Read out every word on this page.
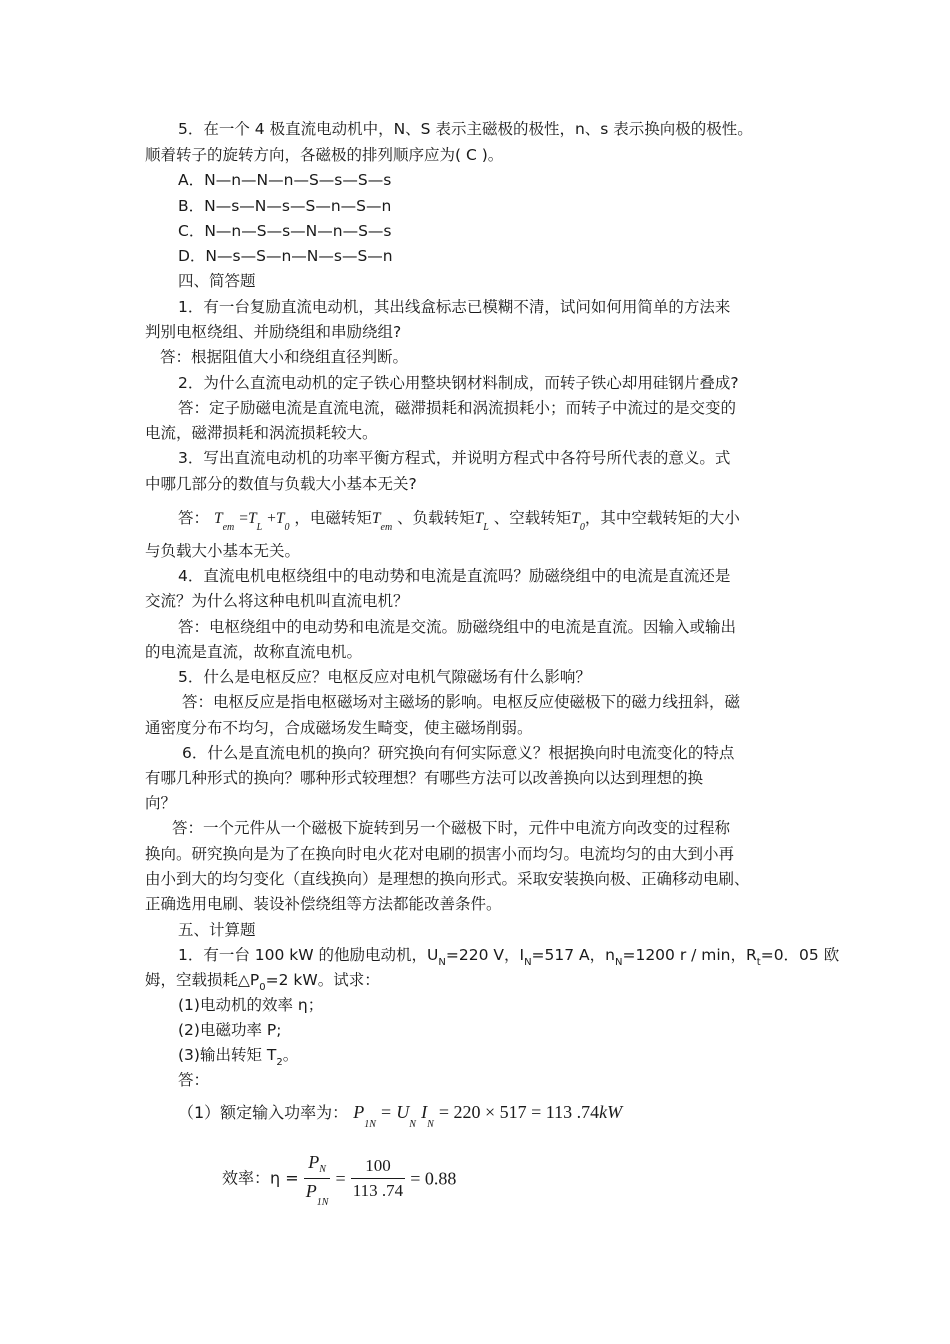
5．在一个 4 极直流电动机中，N、S 表示主磁极的极性，n、s 表示换向极的极性。
顺着转子的旋转方向，各磁极的排列顺序应为( C )。
A．N—n—N—n—S—s—S—s
B．N—s—N—s—S—n—S—n
C．N—n—S—s—N—n—S—s
D．N—s—S—n—N—s—S—n
四、简答题
1．有一台复励直流电动机，其出线盒标志已模糊不清，试问如何用简单的方法来
判别电枢绕组、并励绕组和串励绕组?
答：根据阻值大小和绕组直径判断。
2．为什么直流电动机的定子铁心用整块钢材料制成，而转子铁心却用硅钢片叠成?
答：定子励磁电流是直流电流，磁滞损耗和涡流损耗小；而转子中流过的是交变的
电流，磁滞损耗和涡流损耗较大。
3．写出直流电动机的功率平衡方程式，并说明方程式中各符号所代表的意义。式
中哪几部分的数值与负载大小基本无关?
答： $T_{em} =T_L +T_0$ ，电磁转矩$T_{em}$ 、负载转矩$T_L$ 、空载转矩$T_0$，其中空载转矩的大小
与负载大小基本无关。
4．直流电机电枢绕组中的电动势和电流是直流吗？励磁绕组中的电流是直流还是
交流？为什么将这种电机叫直流电机？
答：电枢绕组中的电动势和电流是交流。励磁绕组中的电流是直流。因输入或输出
的电流是直流，故称直流电机。
5．什么是电枢反应？电枢反应对电机气隙磁场有什么影响？
答：电枢反应是指电枢磁场对主磁场的影响。电枢反应使磁极下的磁力线扭斜，磁
通密度分布不均匀，合成磁场发生畸变，使主磁场削弱。
6．什么是直流电机的换向？研究换向有何实际意义？根据换向时电流变化的特点
有哪几种形式的换向？哪种形式较理想？有哪些方法可以改善换向以达到理想的换
向？
答：一个元件从一个磁极下旋转到另一个磁极下时，元件中电流方向改变的过程称
换向。研究换向是为了在换向时电火花对电刷的损害小而均匀。电流均匀的由大到小再
由小到大的均匀变化（直线换向）是理想的换向形式。采取安装换向极、正确移动电刷、
正确选用电刷、装设补偿绕组等方法都能改善条件。
五、计算题
1．有一台 100 kW 的他励电动机，$U_N=220$ V，$I_N=517$ A，$n_N=1200$ r / min，$R_t=0$．05 欧
姆，空载损耗$\triangle P_0=2$ kW。试求：
(1)电动机的效率 η；
(2)电磁功率 P;
(3)输出转矩 $T_2$。
答：
（1）额定输入功率为： $P_{1N} = U_N$ $I_N = 220 \times 517 = 113$ .74kW
效率：$\eta = \frac{P_N}{P_{1N}} = \frac{100}{113 .74} = 0.88$
